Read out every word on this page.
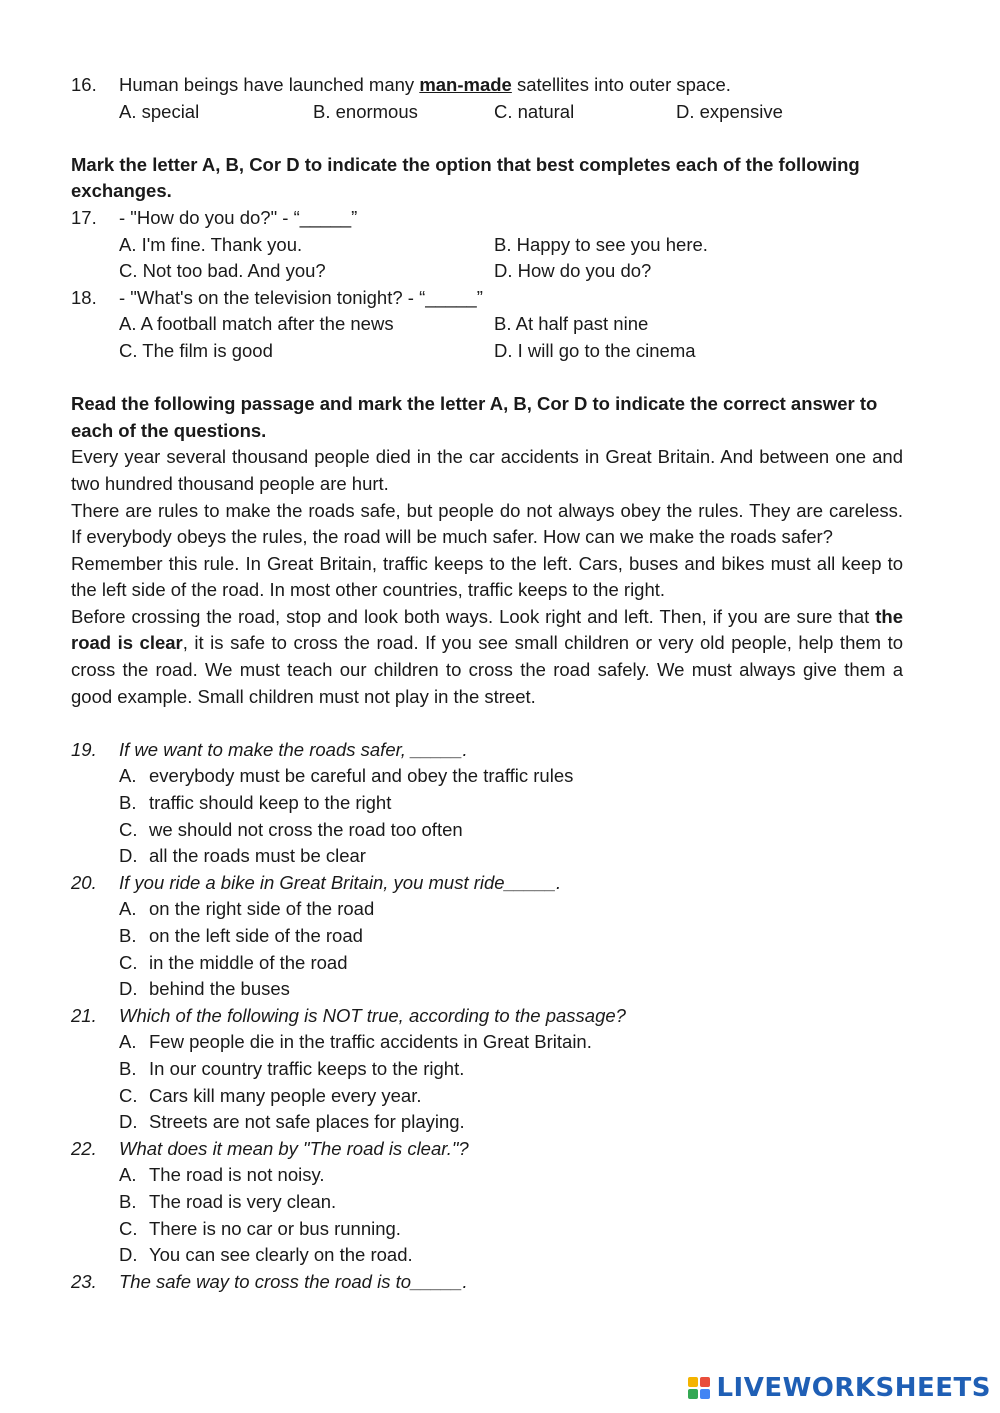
16. Human beings have launched many man-made satellites into outer space.
A. special	B. enormous	C. natural	D. expensive
Mark the letter A, B, Cor D to indicate the option that best completes each of the following
exchanges.
17. - "How do you do?" - “_____”
A. I'm fine. Thank you.	B. Happy to see you here.
C. Not too bad. And you?	D. How do you do?
18. - "What's on the television tonight? - “_____”
A. A football match after the news	B. At half past nine
C. The film is good	D. I will go to the cinema
Read the following passage and mark the letter A, B, Cor D to indicate the correct answer to
each of the questions.
Every year several thousand people died in the car accidents in Great Britain. And between one and two hundred thousand people are hurt.
There are rules to make the roads safe, but people do not always obey the rules. They are careless. If everybody obeys the rules, the road will be much safer. How can we make the roads safer?
Remember this rule. In Great Britain, traffic keeps to the left. Cars, buses and bikes must all keep to the left side of the road. In most other countries, traffic keeps to the right.
Before crossing the road, stop and look both ways. Look right and left. Then, if you are sure that the road is clear, it is safe to cross the road. If you see small children or very old people, help them to cross the road. We must teach our children to cross the road safely. We must always give them a good example. Small children must not play in the street.
19. If we want to make the roads safer, _____.
A. everybody must be careful and obey the traffic rules
B. traffic should keep to the right
C. we should not cross the road too often
D. all the roads must be clear
20. If you ride a bike in Great Britain, you must ride_____.
A. on the right side of the road
B. on the left side of the road
C. in the middle of the road
D. behind the buses
21. Which of the following is NOT true, according to the passage?
A. Few people die in the traffic accidents in Great Britain.
B. In our country traffic keeps to the right.
C. Cars kill many people every year.
D. Streets are not safe places for playing.
22. What does it mean by "The road is clear."?
A. The road is not noisy.
B. The road is very clean.
C. There is no car or bus running.
D. You can see clearly on the road.
23. The safe way to cross the road is to_____.
LIVEWORKSHEETS
